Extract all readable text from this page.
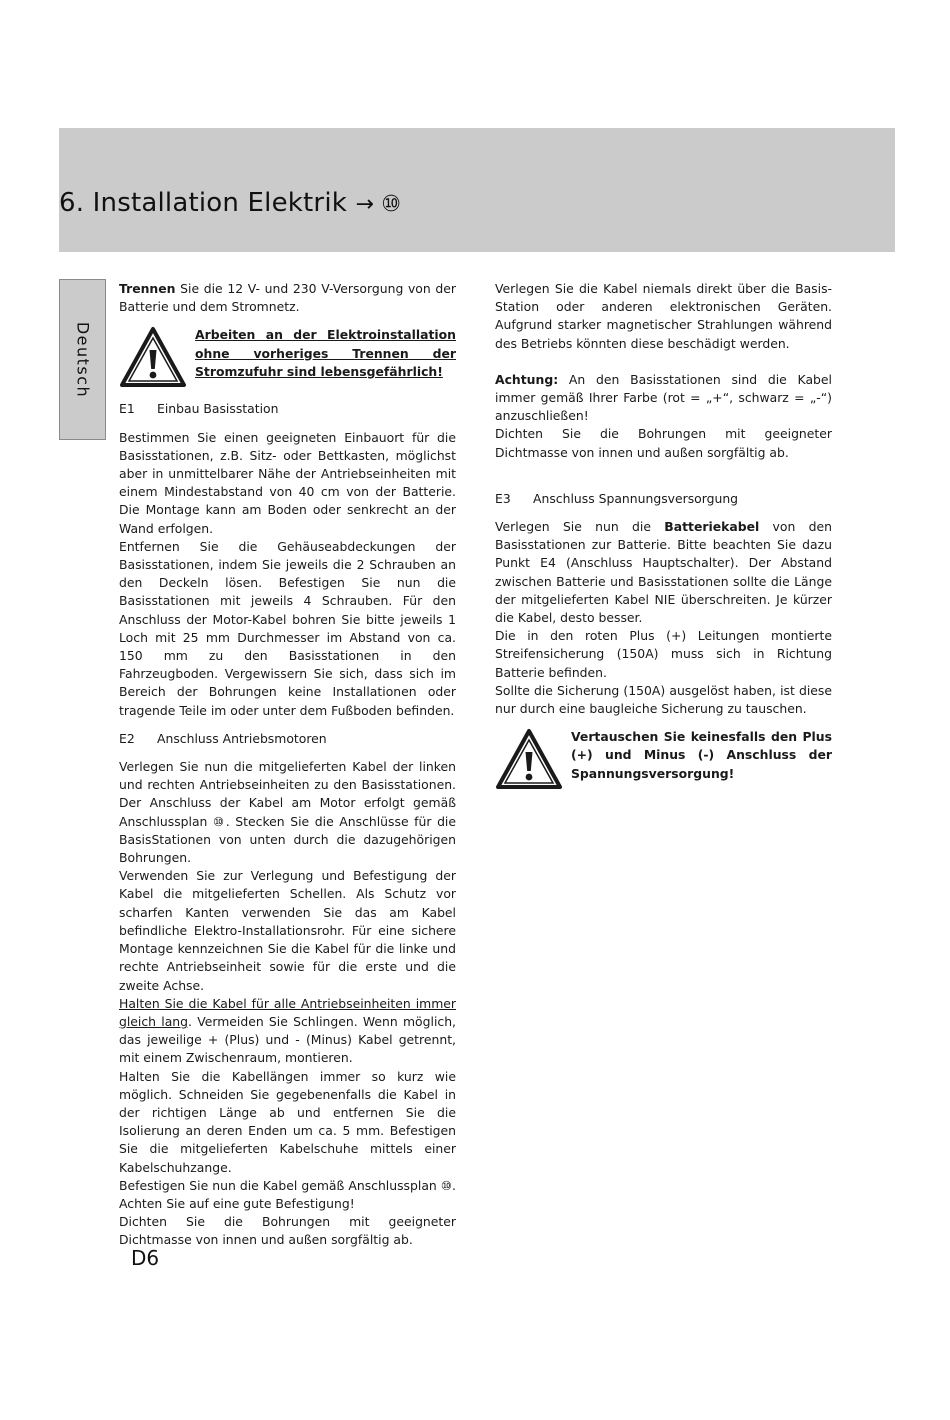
6. Installation Elektrik → ⑩
Deutsch

Trennen Sie die 12 V- und 230 V-Versorgung von der Batterie und dem Stromnetz.

Arbeiten an der Elektroinstallation ohne vorheriges Trennen der Stromzufuhr sind lebensgefährlich!

E1 Einbau Basisstation

Bestimmen Sie einen geeigneten Einbauort für die Basisstationen, z.B. Sitz- oder Bettkasten, möglichst aber in unmittelbarer Nähe der Antriebseinheiten mit einem Mindestabstand von 40 cm von der Batterie. Die Montage kann am Boden oder senkrecht an der Wand erfolgen.

Entfernen Sie die Gehäuseabdeckungen der Basisstationen, indem Sie jeweils die 2 Schrauben an den Deckeln lösen. Befestigen Sie nun die Basisstationen mit jeweils 4 Schrauben. Für den Anschluss der Motor-Kabel bohren Sie bitte jeweils 1 Loch mit 25 mm Durchmesser im Abstand von ca. 150 mm zu den Basisstationen in den Fahrzeugboden. Vergewissern Sie sich, dass sich im Bereich der Bohrungen keine Installationen oder tragende Teile im oder unter dem Fußboden befinden.

E2 Anschluss Antriebsmotoren

Verlegen Sie nun die mitgelieferten Kabel der linken und rechten Antriebseinheiten zu den Basisstationen. Der Anschluss der Kabel am Motor erfolgt gemäß Anschlussplan ⑩. Stecken Sie die Anschlüsse für die BasisStationen von unten durch die dazugehörigen Bohrungen.

Verwenden Sie zur Verlegung und Befestigung der Kabel die mitgelieferten Schellen. Als Schutz vor scharfen Kanten verwenden Sie das am Kabel befindliche Elektro-Installationsrohr. Für eine sichere Montage kennzeichnen Sie die Kabel für die linke und rechte Antriebseinheit sowie für die erste und die zweite Achse.

Halten Sie die Kabel für alle Antriebseinheiten immer gleich lang. Vermeiden Sie Schlingen. Wenn möglich, das jeweilige + (Plus) und - (Minus) Kabel getrennt, mit einem Zwischenraum, montieren.

Halten Sie die Kabellängen immer so kurz wie möglich. Schneiden Sie gegebenenfalls die Kabel in der richtigen Länge ab und entfernen Sie die Isolierung an deren Enden um ca. 5 mm. Befestigen Sie die mitgelieferten Kabelschuhe mittels einer Kabelschuhzange.

Befestigen Sie nun die Kabel gemäß Anschlussplan ⑩. Achten Sie auf eine gute Befestigung!

Dichten Sie die Bohrungen mit geeigneter Dichtmasse von innen und außen sorgfältig ab.

Verlegen Sie die Kabel niemals direkt über die Basis-Station oder anderen elektronischen Geräten. Aufgrund starker magnetischer Strahlungen während des Betriebs könnten diese beschädigt werden.

Achtung: An den Basisstationen sind die Kabel immer gemäß Ihrer Farbe (rot = „+“, schwarz = „-“) anzuschließen!

Dichten Sie die Bohrungen mit geeigneter Dichtmasse von innen und außen sorgfältig ab.

E3 Anschluss Spannungsversorgung

Verlegen Sie nun die Batteriekabel von den Basisstationen zur Batterie. Bitte beachten Sie dazu Punkt E4 (Anschluss Hauptschalter). Der Abstand zwischen Batterie und Basisstationen sollte die Länge der mitgelieferten Kabel NIE überschreiten. Je kürzer die Kabel, desto besser.

Die in den roten Plus (+) Leitungen montierte Streifensicherung (150A) muss sich in Richtung Batterie befinden.

Sollte die Sicherung (150A) ausgelöst haben, ist diese nur durch eine baugleiche Sicherung zu tauschen.

Vertauschen Sie keinesfalls den Plus (+) und Minus (-) Anschluss der Spannungsversorgung!

D6
